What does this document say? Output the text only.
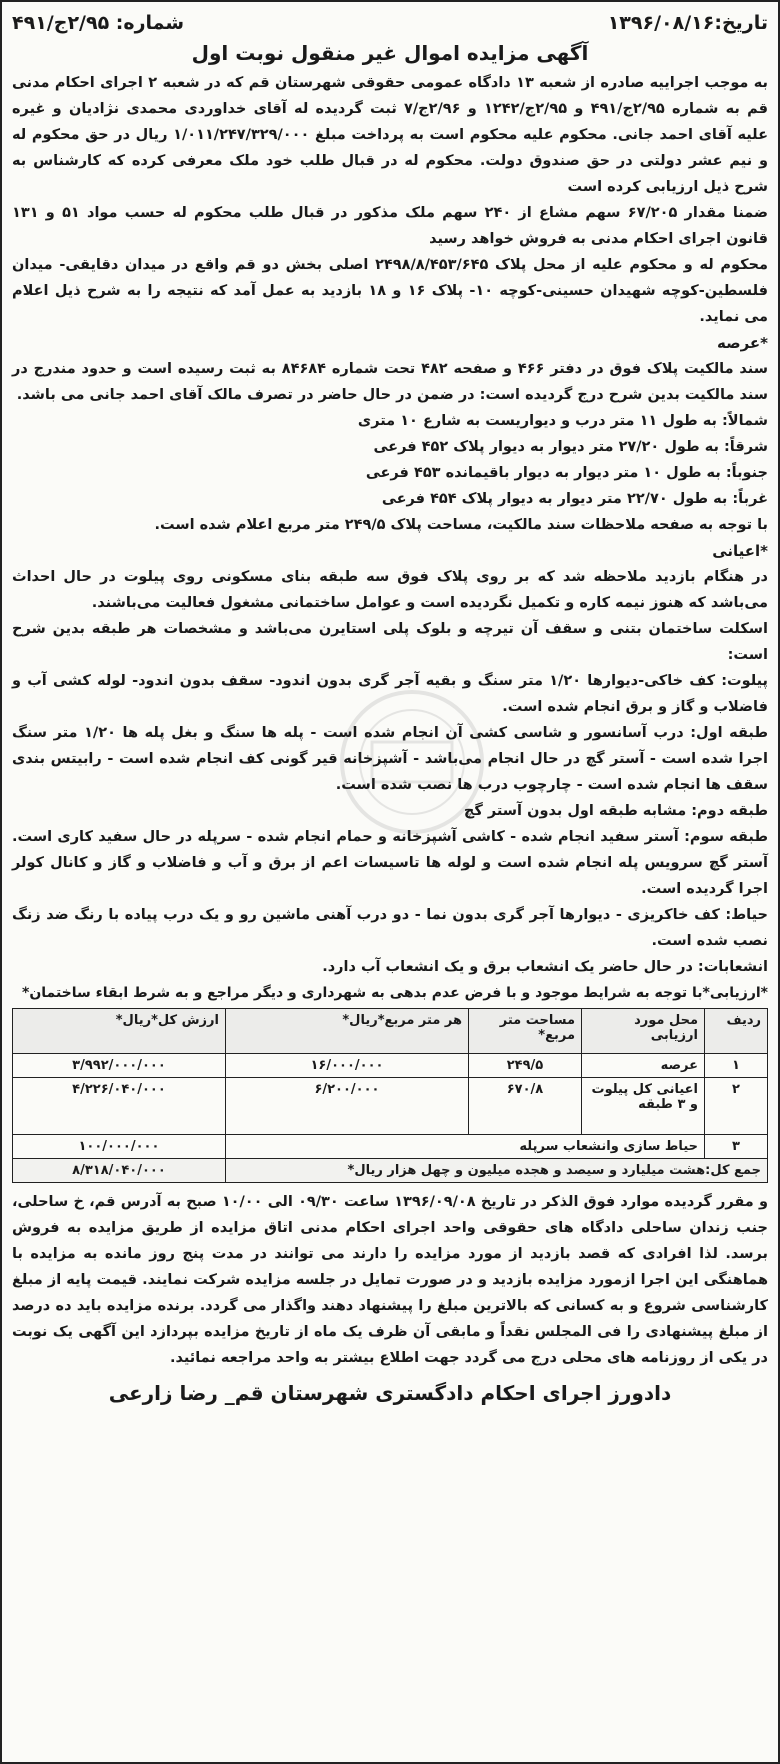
تاریخ:۱۳۹۶/۰۸/۱۶
شماره: ۲/۹۵ج/۴۹۱
آگهی مزایده اموال غیر منقول نوبت اول

به موجب اجراییه صادره از شعبه ۱۳ دادگاه عمومی حقوقی شهرستان قم که در شعبه ۲ اجرای احکام مدنی قم به شماره ۲/۹۵ج/۴۹۱ و ۲/۹۵ج/۱۲۴۲ و ۲/۹۶ج/۷ ثبت گردیده له آقای خداوردی محمدی نژادیان و غیره علیه آقای احمد جانی. محکوم علیه محکوم است به پرداخت مبلغ ۱/۰۱۱/۲۴۷/۳۲۹/۰۰۰ ریال در حق محکوم له و نیم عشر دولتی در حق صندوق دولت. محکوم له در قبال طلب خود ملک معرفی کرده که کارشناس به شرح ذیل ارزیابی کرده است

ضمنا مقدار ۶۷/۲۰۵ سهم مشاع از ۲۴۰ سهم ملک مذکور در قبال طلب محکوم له حسب مواد ۵۱ و ۱۳۱ قانون اجرای احکام مدنی به فروش خواهد رسید

محکوم له و محکوم علیه از محل پلاک ۲۴۹۸/۸/۴۵۳/۶۴۵ اصلی بخش دو قم واقع در میدان دقایقی- میدان فلسطین-کوچه شهیدان حسینی-کوچه ۱۰- پلاک ۱۶ و ۱۸ بازدید به عمل آمد که نتیجه را به شرح ذیل اعلام می نماید.

*عرصه

سند مالکیت پلاک فوق در دفتر ۴۶۶ و صفحه ۴۸۲ تحت شماره ۸۴۶۸۴ به ثبت رسیده است و حدود مندرج در سند مالکیت بدین شرح درج گردیده است: در ضمن در حال حاضر در تصرف مالک آقای احمد جانی می باشد.

شمالاً: به طول ۱۱ متر درب و دیواریست به شارع ۱۰ متری

شرقاً: به طول ۲۷/۲۰ متر دیوار به دیوار پلاک ۴۵۲ فرعی

جنوباً: به طول ۱۰ متر دیوار به دیوار باقیمانده ۴۵۳ فرعی

غرباً: به طول ۲۲/۷۰ متر دیوار به دیوار پلاک ۴۵۴ فرعی

با توجه به صفحه ملاحظات سند مالکیت، مساحت پلاک ۲۴۹/۵ متر مربع اعلام شده است.

*اعیانی

در هنگام بازدید ملاحظه شد که بر روی پلاک فوق سه طبقه بنای مسکونی روی پیلوت در حال احداث می‌باشد که هنوز نیمه کاره و تکمیل نگردیده است و عوامل ساختمانی مشغول فعالیت می‌باشند.

اسکلت ساختمان بتنی و سقف آن تیرچه و بلوک پلی استایرن می‌باشد و مشخصات هر طبقه بدین شرح است:

پیلوت: کف خاکی-دیوارها ۱/۲۰ متر سنگ و بقیه آجر گری بدون اندود- سقف بدون اندود- لوله کشی آب و فاضلاب و گاز و برق انجام شده است.

طبقه اول: درب آسانسور و شاسی کشی آن انجام شده است - پله ها سنگ و بغل پله ها ۱/۲۰ متر سنگ اجرا شده است - آستر گچ در حال انجام می‌باشد - آشپزخانه قیر گونی کف انجام شده است - رابیتس بندی سقف ها انجام شده است - چارچوب درب ها نصب شده است.

طبقه دوم: مشابه طبقه اول بدون آستر گچ

طبقه سوم: آستر سفید انجام شده - کاشی آشپزخانه و حمام انجام شده - سرپله در حال سفید کاری است. آستر گچ سرویس پله انجام شده است و لوله ها تاسیسات اعم از برق و آب و فاضلاب و گاز و کانال کولر اجرا گردیده است.

حیاط: کف خاکریزی - دیوارها آجر گری بدون نما - دو درب آهنی ماشین رو و یک درب پیاده با رنگ ضد زنگ نصب شده است.

انشعابات: در حال حاضر یک انشعاب برق و یک انشعاب آب دارد.

*ارزیابی*با توجه به شرایط موجود و با فرض عدم بدهی به شهرداری و دیگر مراجع و به شرط ابقاء ساختمان*

ردیف	محل مورد ارزیابی	مساحت متر مربع*	هر متر مربع*ریال*	ارزش کل*ریال*
۱	عرصه	۲۴۹/۵	۱۶/۰۰۰/۰۰۰	۳/۹۹۲/۰۰۰/۰۰۰
۲	اعیانی کل پیلوت و ۳ طبقه	۶۷۰/۸	۶/۲۰۰/۰۰۰	۴/۲۲۶/۰۴۰/۰۰۰
۳	حیاط سازی وانشعاب سرپله			۱۰۰/۰۰۰/۰۰۰
جمع کل:هشت میلیارد و سیصد و هجده میلیون و چهل هزار ریال*				۸/۳۱۸/۰۴۰/۰۰۰

و مقرر گردیده موارد فوق الذکر در تاریخ ۱۳۹۶/۰۹/۰۸ ساعت ۰۹/۳۰ الی ۱۰/۰۰ صبح به آدرس قم، خ ساحلی، جنب زندان ساحلی دادگاه های حقوقی واحد اجرای احکام مدنی اتاق مزایده از طریق مزایده به فروش برسد. لذا افرادی که قصد بازدید از مورد مزایده را دارند می توانند در مدت پنج روز مانده به مزایده با هماهنگی این اجرا ازمورد مزایده بازدید و در صورت تمایل در جلسه مزایده شرکت نمایند. قیمت پایه از مبلغ کارشناسی شروع و به کسانی که بالاترین مبلغ را پیشنهاد دهند واگذار می گردد. برنده مزایده باید ده درصد از مبلغ پیشنهادی را فی المجلس نقداً و مابقی آن ظرف یک ماه از تاریخ مزایده بپردازد این آگهی یک نوبت در یکی از روزنامه های محلی درج می گردد جهت اطلاع بیشتر به واحد مراجعه نمائید.

دادورز اجرای احکام دادگستری شهرستان قم_ رضا زارعی
